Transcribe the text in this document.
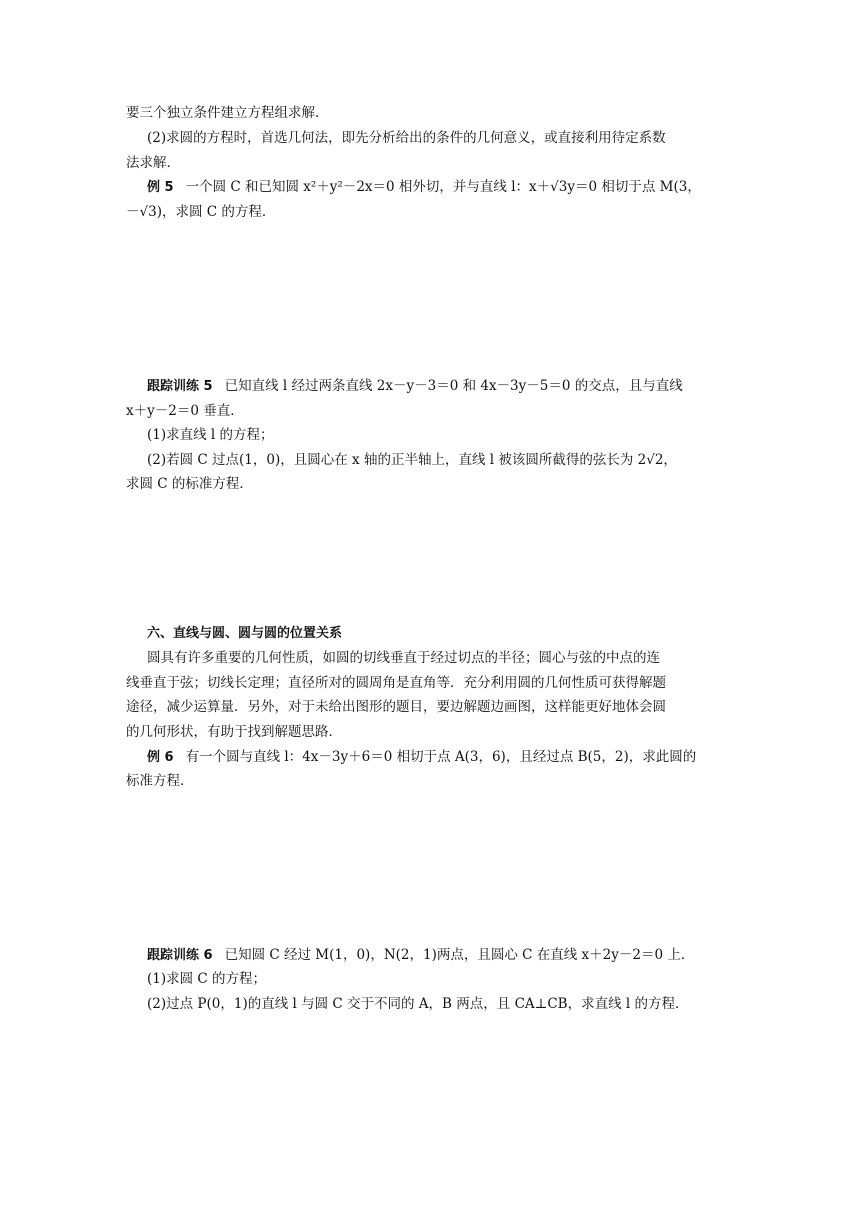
要三个独立条件建立方程组求解．
(2)求圆的方程时，首选几何法，即先分析给出的条件的几何意义，或直接利用待定系数
法求解．
例 5 一个圆 C 和已知圆 x²＋y²－2x＝0 相外切，并与直线 l：x＋√3y＝0 相切于点 M(3，
－√3)，求圆 C 的方程．
跟踪训练 5 已知直线 l 经过两条直线 2x－y－3＝0 和 4x－3y－5＝0 的交点，且与直线
x＋y－2＝0 垂直．
(1)求直线 l 的方程；
(2)若圆 C 过点(1，0)，且圆心在 x 轴的正半轴上，直线 l 被该圆所截得的弦长为 2√2，
求圆 C 的标准方程．
六、直线与圆、圆与圆的位置关系
圆具有许多重要的几何性质，如圆的切线垂直于经过切点的半径；圆心与弦的中点的连
线垂直于弦；切线长定理；直径所对的圆周角是直角等．充分利用圆的几何性质可获得解题
途径，减少运算量．另外，对于未给出图形的题目，要边解题边画图，这样能更好地体会圆
的几何形状，有助于找到解题思路．
例 6 有一个圆与直线 l：4x－3y＋6＝0 相切于点 A(3，6)，且经过点 B(5，2)，求此圆的
标准方程．
跟踪训练 6 已知圆 C 经过 M(1，0)，N(2，1)两点，且圆心 C 在直线 x＋2y－2＝0 上．
(1)求圆 C 的方程；
(2)过点 P(0，1)的直线 l 与圆 C 交于不同的 A，B 两点，且 CA⊥CB，求直线 l 的方程．
